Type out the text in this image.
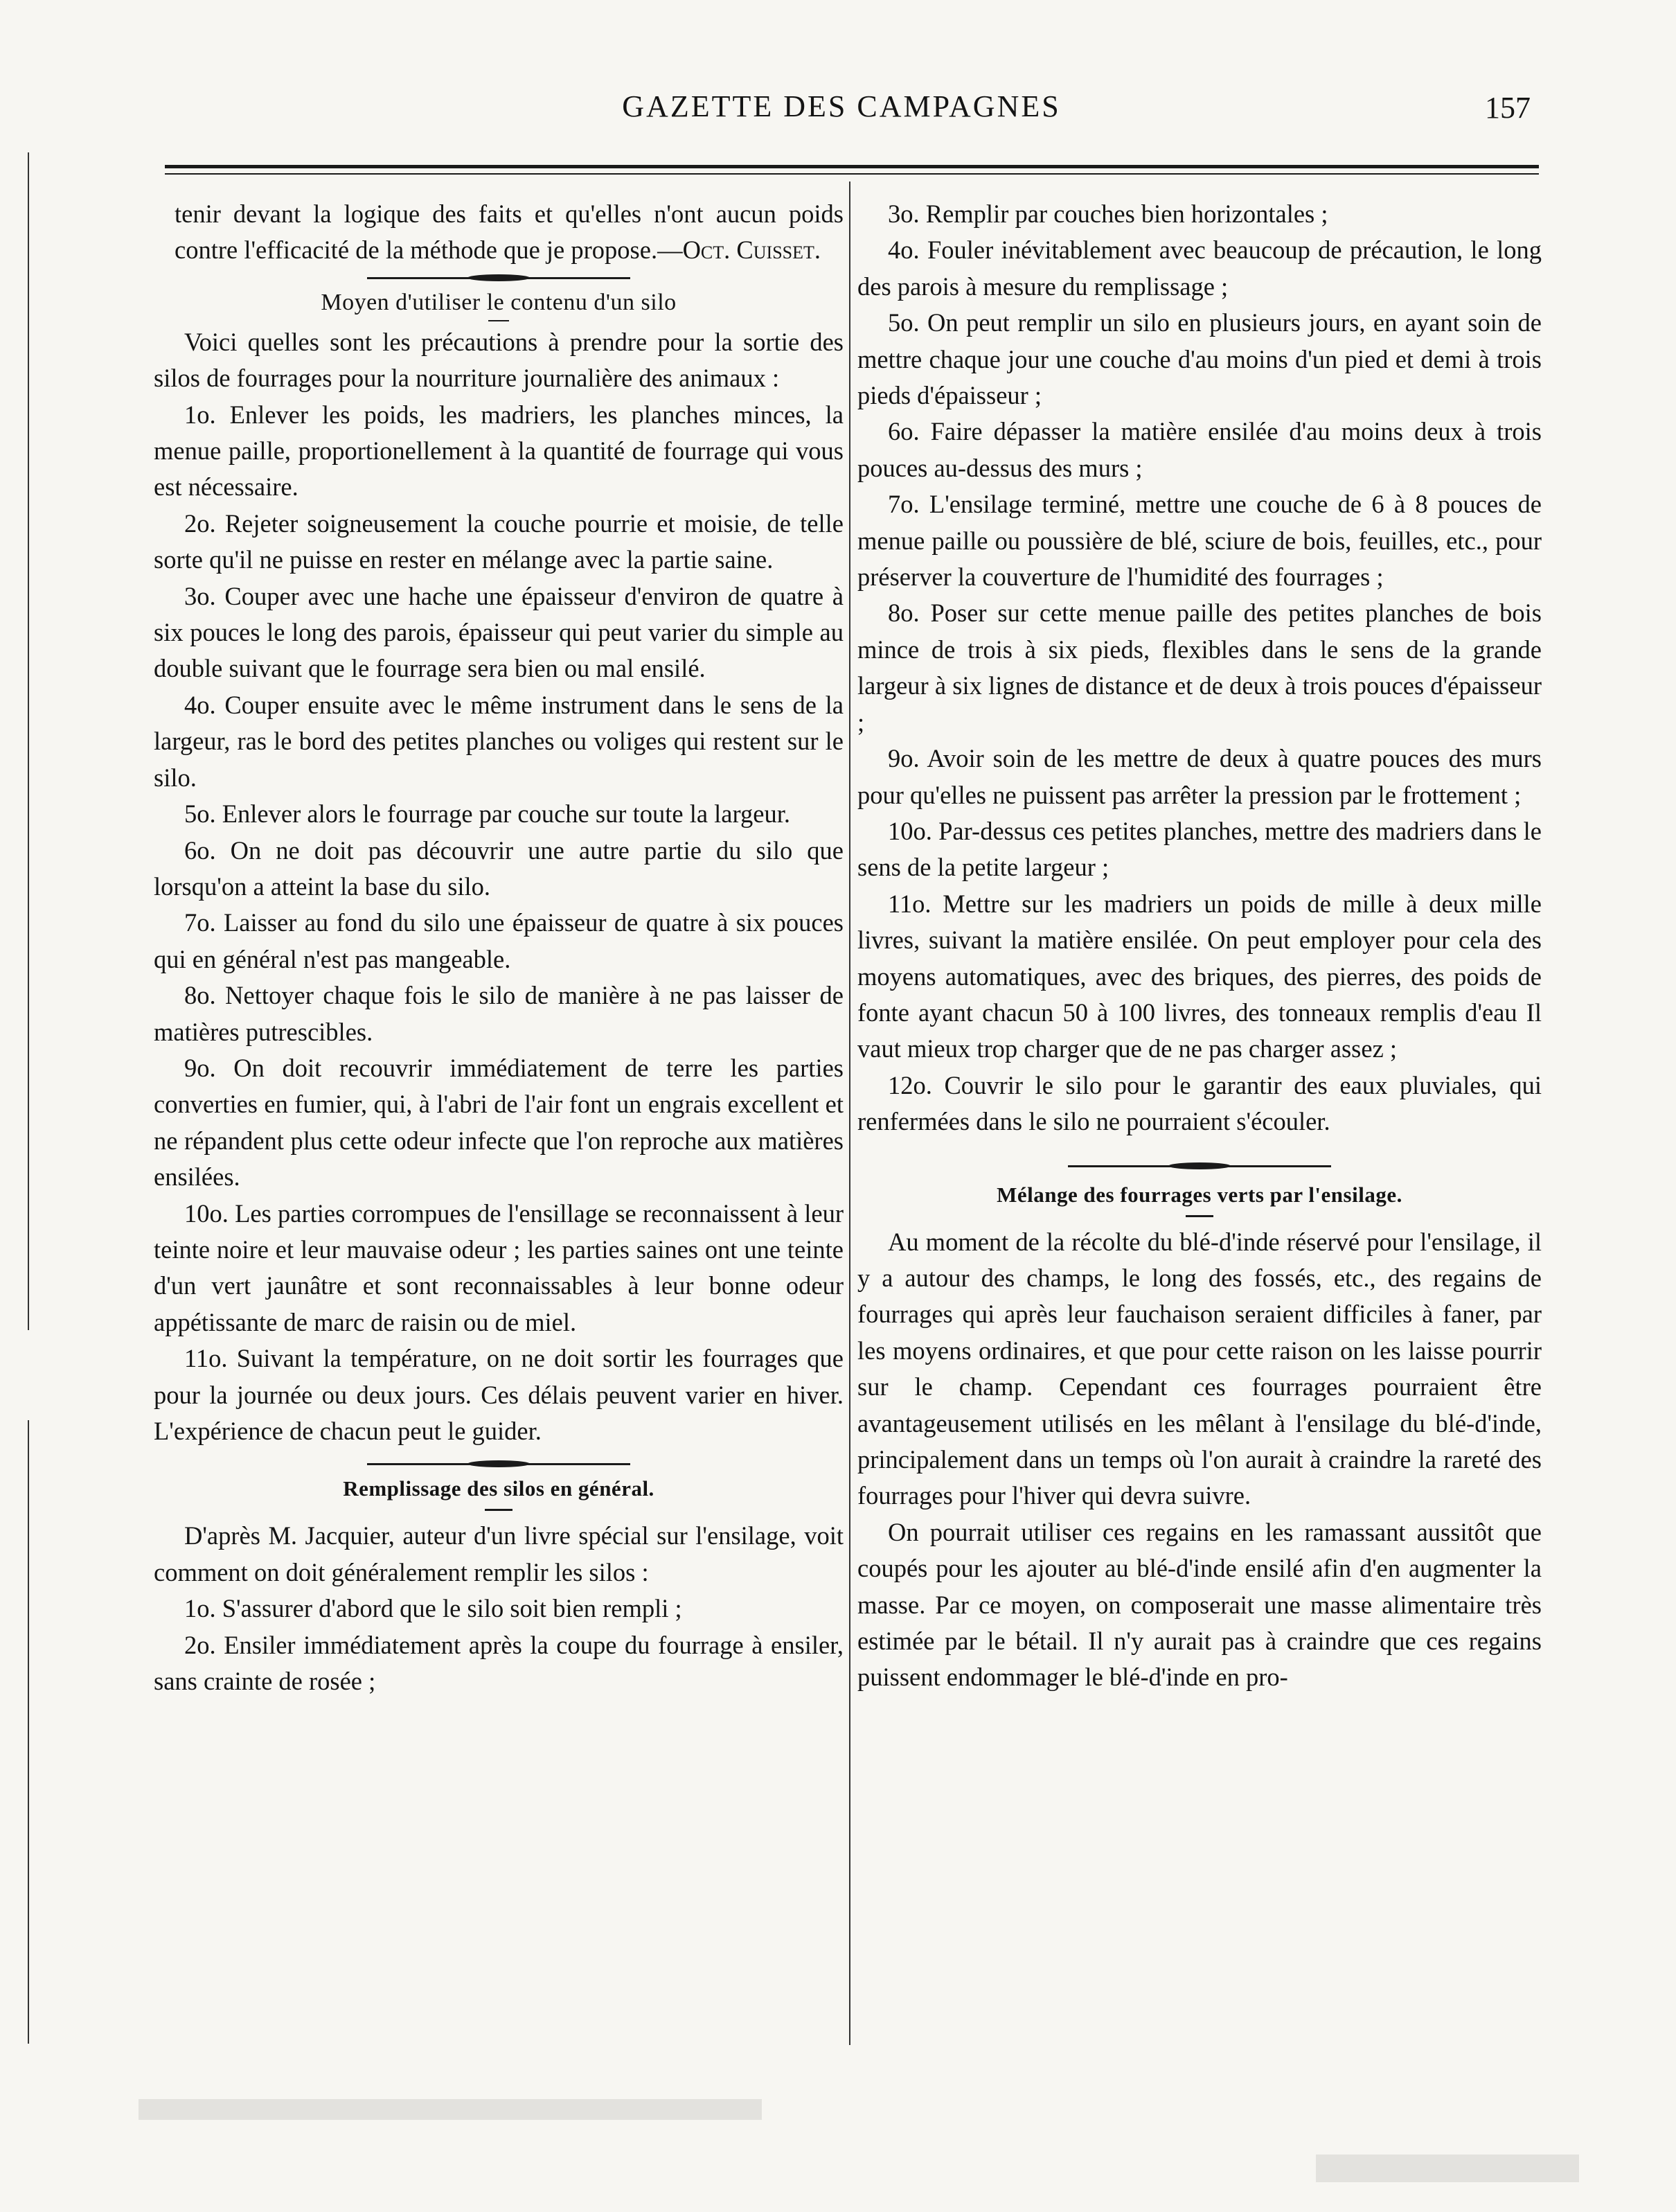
GAZETTE DES CAMPAGNES	157

tenir devant la logique des faits et qu'elles n'ont aucun poids contre l'efficacité de la méthode que je propose.—Oct. Cuisset.

Moyen d'utiliser le contenu d'un silo

Voici quelles sont les précautions à prendre pour la sortie des silos de fourrages pour la nourriture journalière des animaux :

1o. Enlever les poids, les madriers, les planches minces, la menue paille, proportionellement à la quantité de fourrage qui vous est nécessaire.

2o. Rejeter soigneusement la couche pourrie et moisie, de telle sorte qu'il ne puisse en rester en mélange avec la partie saine.

3o. Couper avec une hache une épaisseur d'environ de quatre à six pouces le long des parois, épaisseur qui peut varier du simple au double suivant que le fourrage sera bien ou mal ensilé.

4o. Couper ensuite avec le même instrument dans le sens de la largeur, ras le bord des petites planches ou voliges qui restent sur le silo.

5o. Enlever alors le fourrage par couche sur toute la largeur.

6o. On ne doit pas découvrir une autre partie du silo que lorsqu'on a atteint la base du silo.

7o. Laisser au fond du silo une épaisseur de quatre à six pouces qui en général n'est pas mangeable.

8o. Nettoyer chaque fois le silo de manière à ne pas laisser de matières putrescibles.

9o. On doit recouvrir immédiatement de terre les parties converties en fumier, qui, à l'abri de l'air font un engrais excellent et ne répandent plus cette odeur infecte que l'on reproche aux matières ensilées.

10o. Les parties corrompues de l'ensillage se reconnaissent à leur teinte noire et leur mauvaise odeur ; les parties saines ont une teinte d'un vert jaunâtre et sont reconnaissables à leur bonne odeur appétissante de marc de raisin ou de miel.

11o. Suivant la température, on ne doit sortir les fourrages que pour la journée ou deux jours. Ces délais peuvent varier en hiver. L'expérience de chacun peut le guider.

Remplissage des silos en général.

D'après M. Jacquier, auteur d'un livre spécial sur l'ensilage, voit comment on doit généralement remplir les silos :

1o. S'assurer d'abord que le silo soit bien rempli ;

2o. Ensiler immédiatement après la coupe du fourrage à ensiler, sans crainte de rosée ;

3o. Remplir par couches bien horizontales ;

4o. Fouler inévitablement avec beaucoup de précaution, le long des parois à mesure du remplissage ;

5o. On peut remplir un silo en plusieurs jours, en ayant soin de mettre chaque jour une couche d'au moins d'un pied et demi à trois pieds d'épaisseur ;

6o. Faire dépasser la matière ensilée d'au moins deux à trois pouces au-dessus des murs ;

7o. L'ensilage terminé, mettre une couche de 6 à 8 pouces de menue paille ou poussière de blé, sciure de bois, feuilles, etc., pour préserver la couverture de l'humidité des fourrages ;

8o. Poser sur cette menue paille des petites planches de bois mince de trois à six pieds, flexibles dans le sens de la grande largeur à six lignes de distance et de deux à trois pouces d'épaisseur ;

9o. Avoir soin de les mettre de deux à quatre pouces des murs pour qu'elles ne puissent pas arrêter la pression par le frottement ;

10o. Par-dessus ces petites planches, mettre des madriers dans le sens de la petite largeur ;

11o. Mettre sur les madriers un poids de mille à deux mille livres, suivant la matière ensilée. On peut employer pour cela des moyens automatiques, avec des briques, des pierres, des poids de fonte ayant chacun 50 à 100 livres, des tonneaux remplis d'eau Il vaut mieux trop charger que de ne pas charger assez ;

12o. Couvrir le silo pour le garantir des eaux pluviales, qui renfermées dans le silo ne pourraient s'écouler.

Mélange des fourrages verts par l'ensilage.

Au moment de la récolte du blé-d'inde réservé pour l'ensilage, il y a autour des champs, le long des fossés, etc., des regains de fourrages qui après leur fauchaison seraient difficiles à faner, par les moyens ordinaires, et que pour cette raison on les laisse pourrir sur le champ. Cependant ces fourrages pourraient être avantageusement utilisés en les mêlant à l'ensilage du blé-d'inde, principalement dans un temps où l'on aurait à craindre la rareté des fourrages pour l'hiver qui devra suivre.

On pourrait utiliser ces regains en les ramassant aussitôt que coupés pour les ajouter au blé-d'inde ensilé afin d'en augmenter la masse. Par ce moyen, on composerait une masse alimentaire très estimée par le bétail. Il n'y aurait pas à craindre que ces regains puissent endommager le blé-d'inde en pro-
